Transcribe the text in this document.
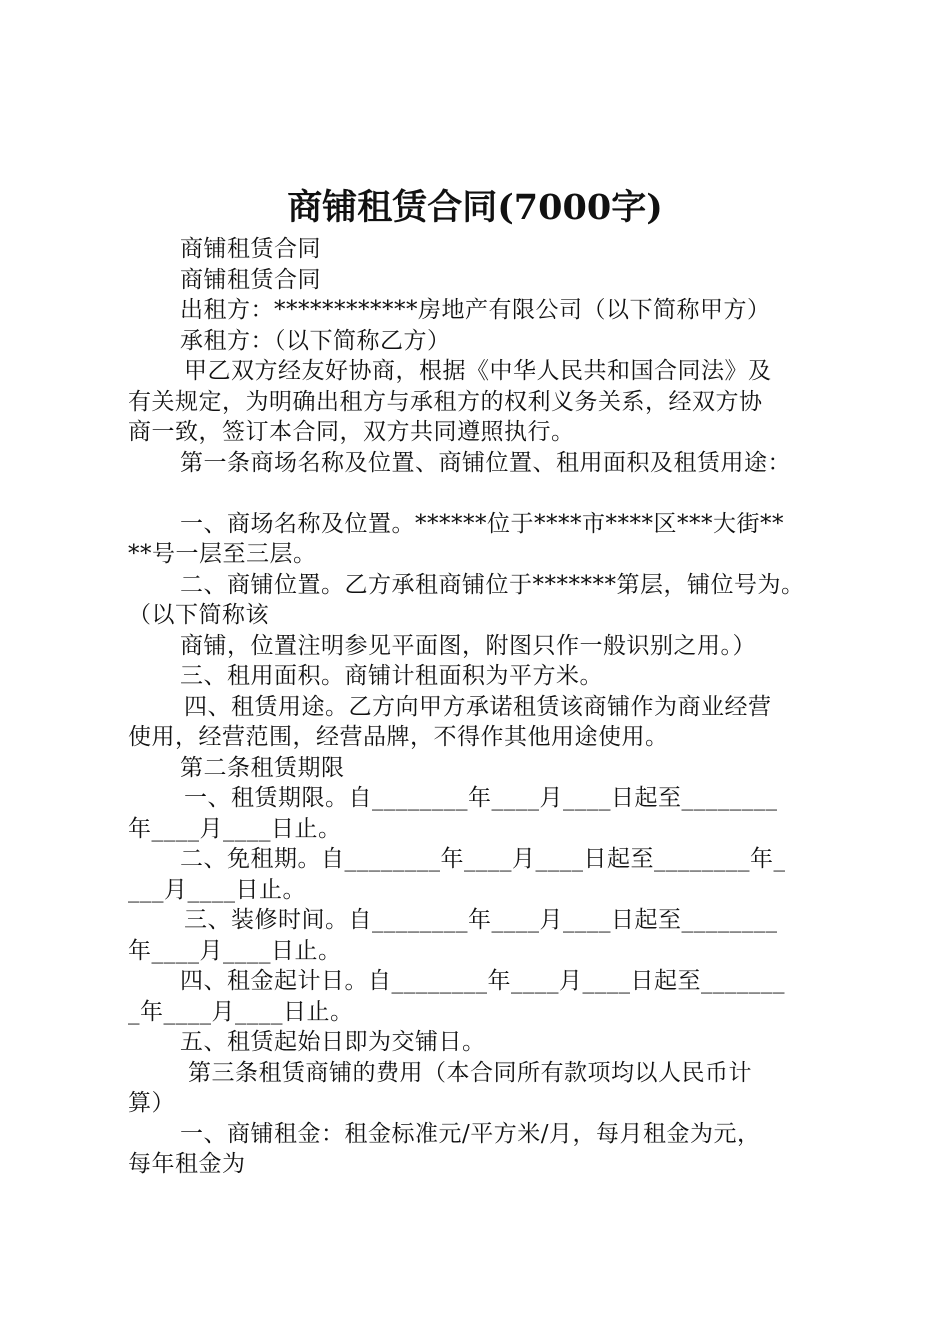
商铺租赁合同(7000字)
商铺租赁合同
商铺租赁合同
出租方：************房地产有限公司（以下简称甲方）
承租方：（以下简称乙方）
甲乙双方经友好协商，根据《中华人民共和国合同法》及
有关规定，为明确出租方与承租方的权利义务关系，经双方协
商一致，签订本合同，双方共同遵照执行。
第一条商场名称及位置、商铺位置、租用面积及租赁用途：
一、商场名称及位置。******位于****市****区***大街**
**号一层至三层。
二、商铺位置。乙方承租商铺位于*******第层，铺位号为。
（以下简称该
商铺，位置注明参见平面图，附图只作一般识别之用。）
三、租用面积。商铺计租面积为平方米。
四、租赁用途。乙方向甲方承诺租赁该商铺作为商业经营
使用，经营范围，经营品牌，不得作其他用途使用。
第二条租赁期限
一、租赁期限。自________年____月____日起至________
年____月____日止。
二、免租期。自________年____月____日起至________年_
___月____日止。
三、装修时间。自________年____月____日起至________
年____月____日止。
四、租金起计日。自________年____月____日起至_______
_年____月____日止。
五、租赁起始日即为交铺日。
第三条租赁商铺的费用（本合同所有款项均以人民币计
算）
一、商铺租金：租金标准元/平方米/月，每月租金为元，
每年租金为
